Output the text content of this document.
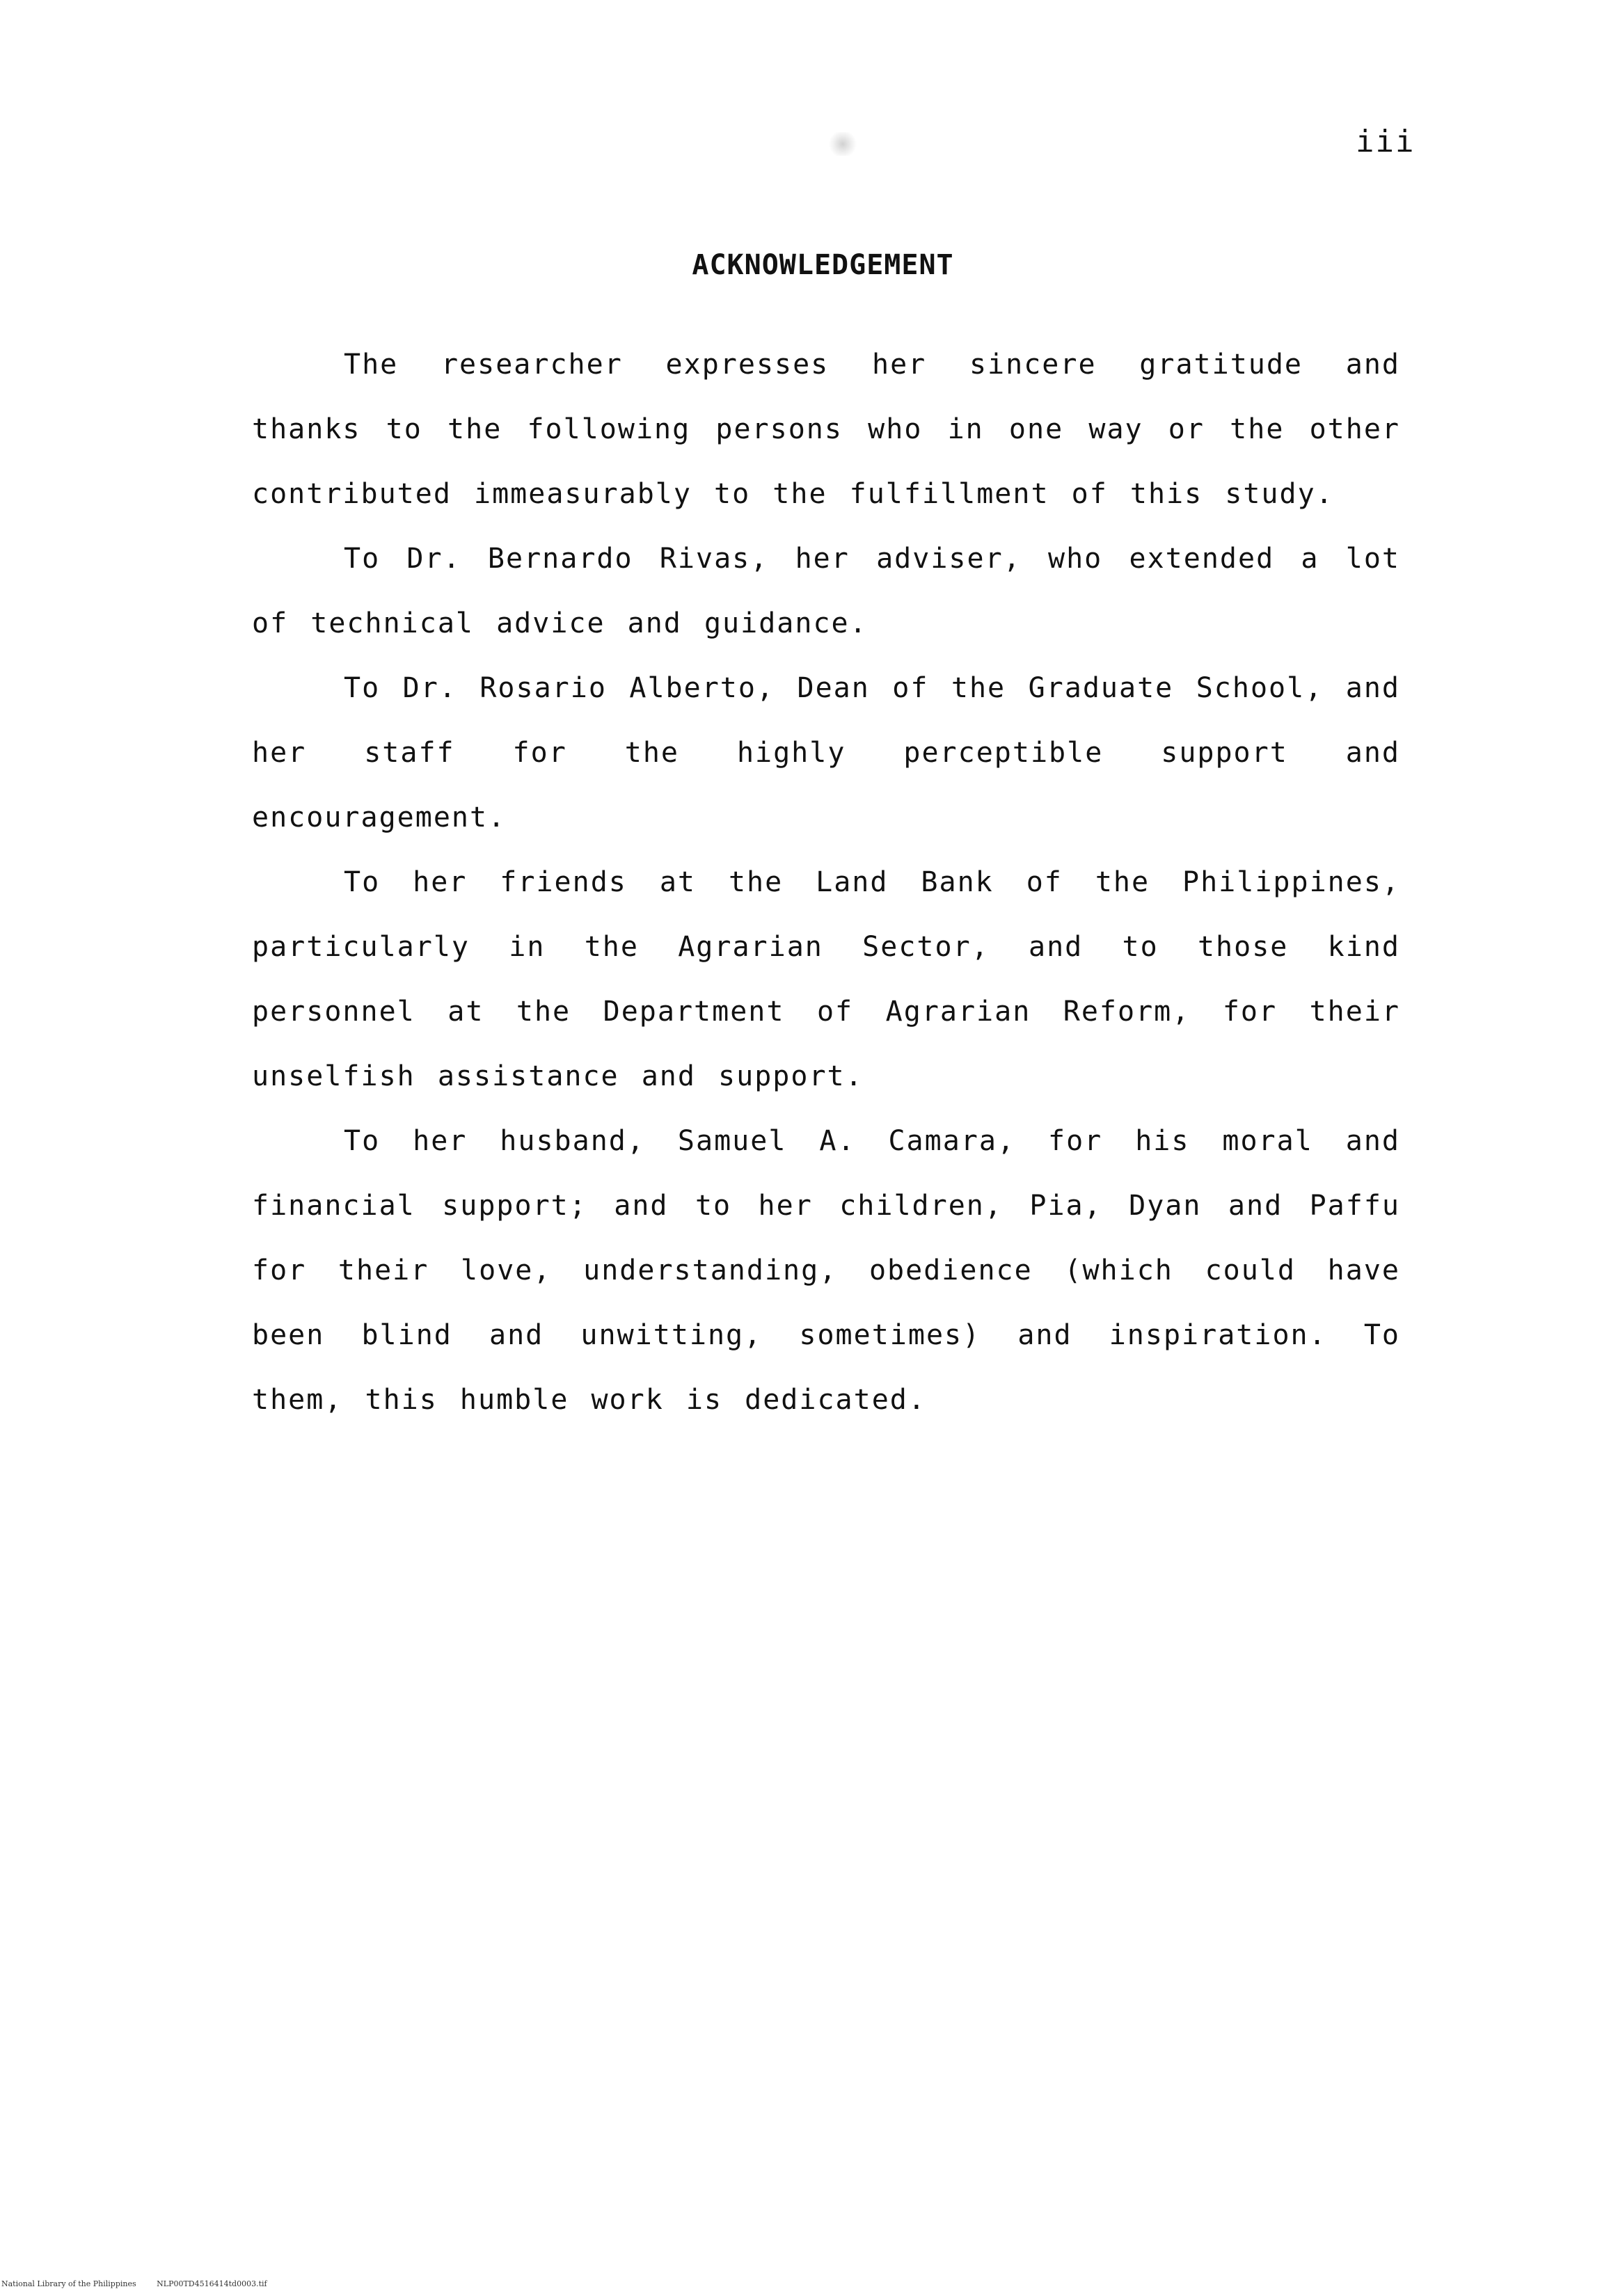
iii
ACKNOWLEDGEMENT

The researcher expresses her sincere gratitude and thanks to the following persons who in one way or the other contributed immeasurably to the fulfillment of this study.

To Dr. Bernardo Rivas, her adviser, who extended a lot of technical advice and guidance.

To Dr. Rosario Alberto, Dean of the Graduate School, and her staff for the highly perceptible support and encouragement.

To her friends at the Land Bank of the Philippines, particularly in the Agrarian Sector, and to those kind personnel at the Department of Agrarian Reform, for their unselfish assistance and support.

To her husband, Samuel A. Camara, for his moral and financial support; and to her children, Pia, Dyan and Paffu for their love, understanding, obedience (which could have been blind and unwitting, sometimes) and inspiration. To them, this humble work is dedicated.

National Library of the Philippines	NLP00TD4516414td0003.tif
